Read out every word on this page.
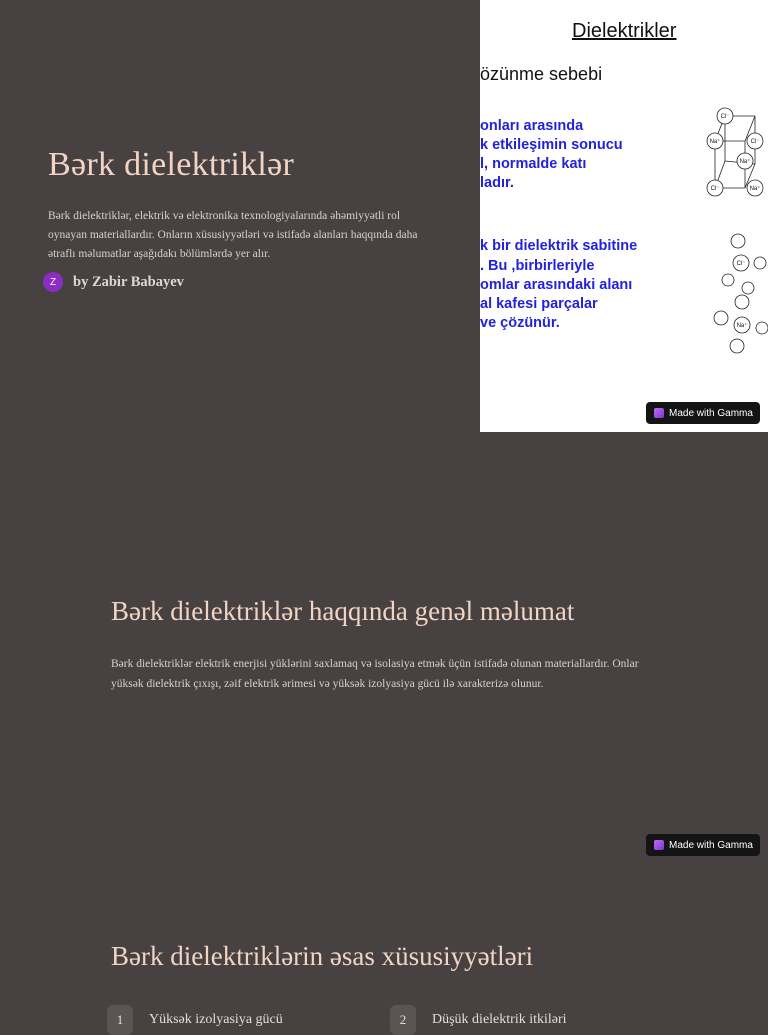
Bərk dielektriklər

Bərk dielektriklər, elektrik və elektronika texnologiyalarında əhəmiyyətli rol oynayan materiallardır. Onların xüsusiyyətləri və istifadə alanları haqqında daha ətraflı məlumatlar aşağıdakı bölümlərdə yer alır.

Z	by Zabir Babayev
Dielektrikler
özünme sebebi
onları arasında
k etkileşimin sonucu
l, normalde katı
ladır.
k bir dielektrik sabitine
. Bu ,birbirleriyle
omlar arasındaki alanı
al kafesi parçalar
ve çözünür.
Cl⁻
Na⁺
Na⁺
Cl⁻
Cl⁻
Na⁺
Cl⁻
Na⁺
Made with Gamma
Bərk dielektriklər haqqında genəl məlumat

Bərk dielektriklər elektrik enerjisi yüklərini saxlamaq və isolasiya etmək üçün istifadə olunan materiallardır. Onlar yüksək dielektrik çıxışı, zəif elektrik ərimesi və yüksək izolyasiya gücü ilə xarakterizə olunur.

Made with Gamma
Bərk dielektriklərin əsas xüsusiyyətləri
1	Yüksək izolyasiya gücü	2	Düşük dielektrik itkiləri
